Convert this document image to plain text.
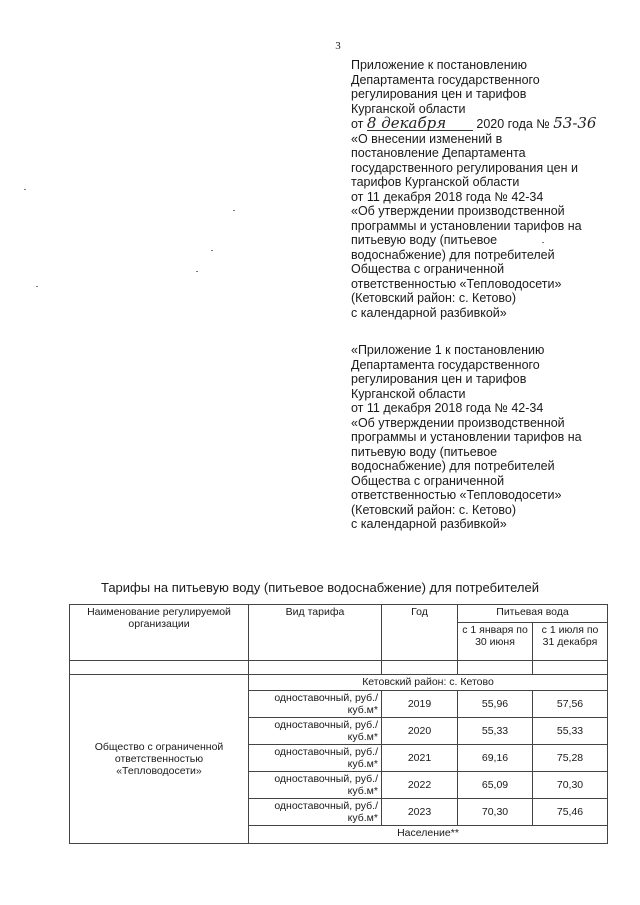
3
Приложение к постановлению
Департамента государственного
регулирования цен и тарифов
Курганской области
от 8 декабря 2020 года № 53-36
«О внесении изменений в
постановление Департамента
государственного регулирования цен и
тарифов Курганской области
от 11 декабря 2018 года № 42-34
«Об утверждении производственной
программы и установлении тарифов на
питьевую воду (питьевое
водоснабжение) для потребителей
Общества с ограниченной
ответственностью «Тепловодосети»
(Кетовский район: с. Кетово)
с календарной разбивкой»
«Приложение 1 к постановлению
Департамента государственного
регулирования цен и тарифов
Курганской области
от 11 декабря 2018 года № 42-34
«Об утверждении производственной
программы и установлении тарифов на
питьевую воду (питьевое
водоснабжение) для потребителей
Общества с ограниченной
ответственностью «Тепловодосети»
(Кетовский район: с. Кетово)
с календарной разбивкой»
Тарифы на питьевую воду (питьевое водоснабжение) для потребителей
Наименование регулируемой организации	Вид тарифа	Год	Питьевая вода	
			с 1 января по 30 июня	с 1 июля по 31 декабря

Общество с ограниченной ответственностью «Тепловодосети»	Кетовский район: с. Кетово			
	одноставочный, руб./куб.м*	2019	55,96	57,56
	одноставочный, руб./куб.м*	2020	55,33	55,33
	одноставочный, руб./куб.м*	2021	69,16	75,28
	одноставочный, руб./куб.м*	2022	65,09	70,30
	одноставочный, руб./куб.м*	2023	70,30	75,46
	Население**			
